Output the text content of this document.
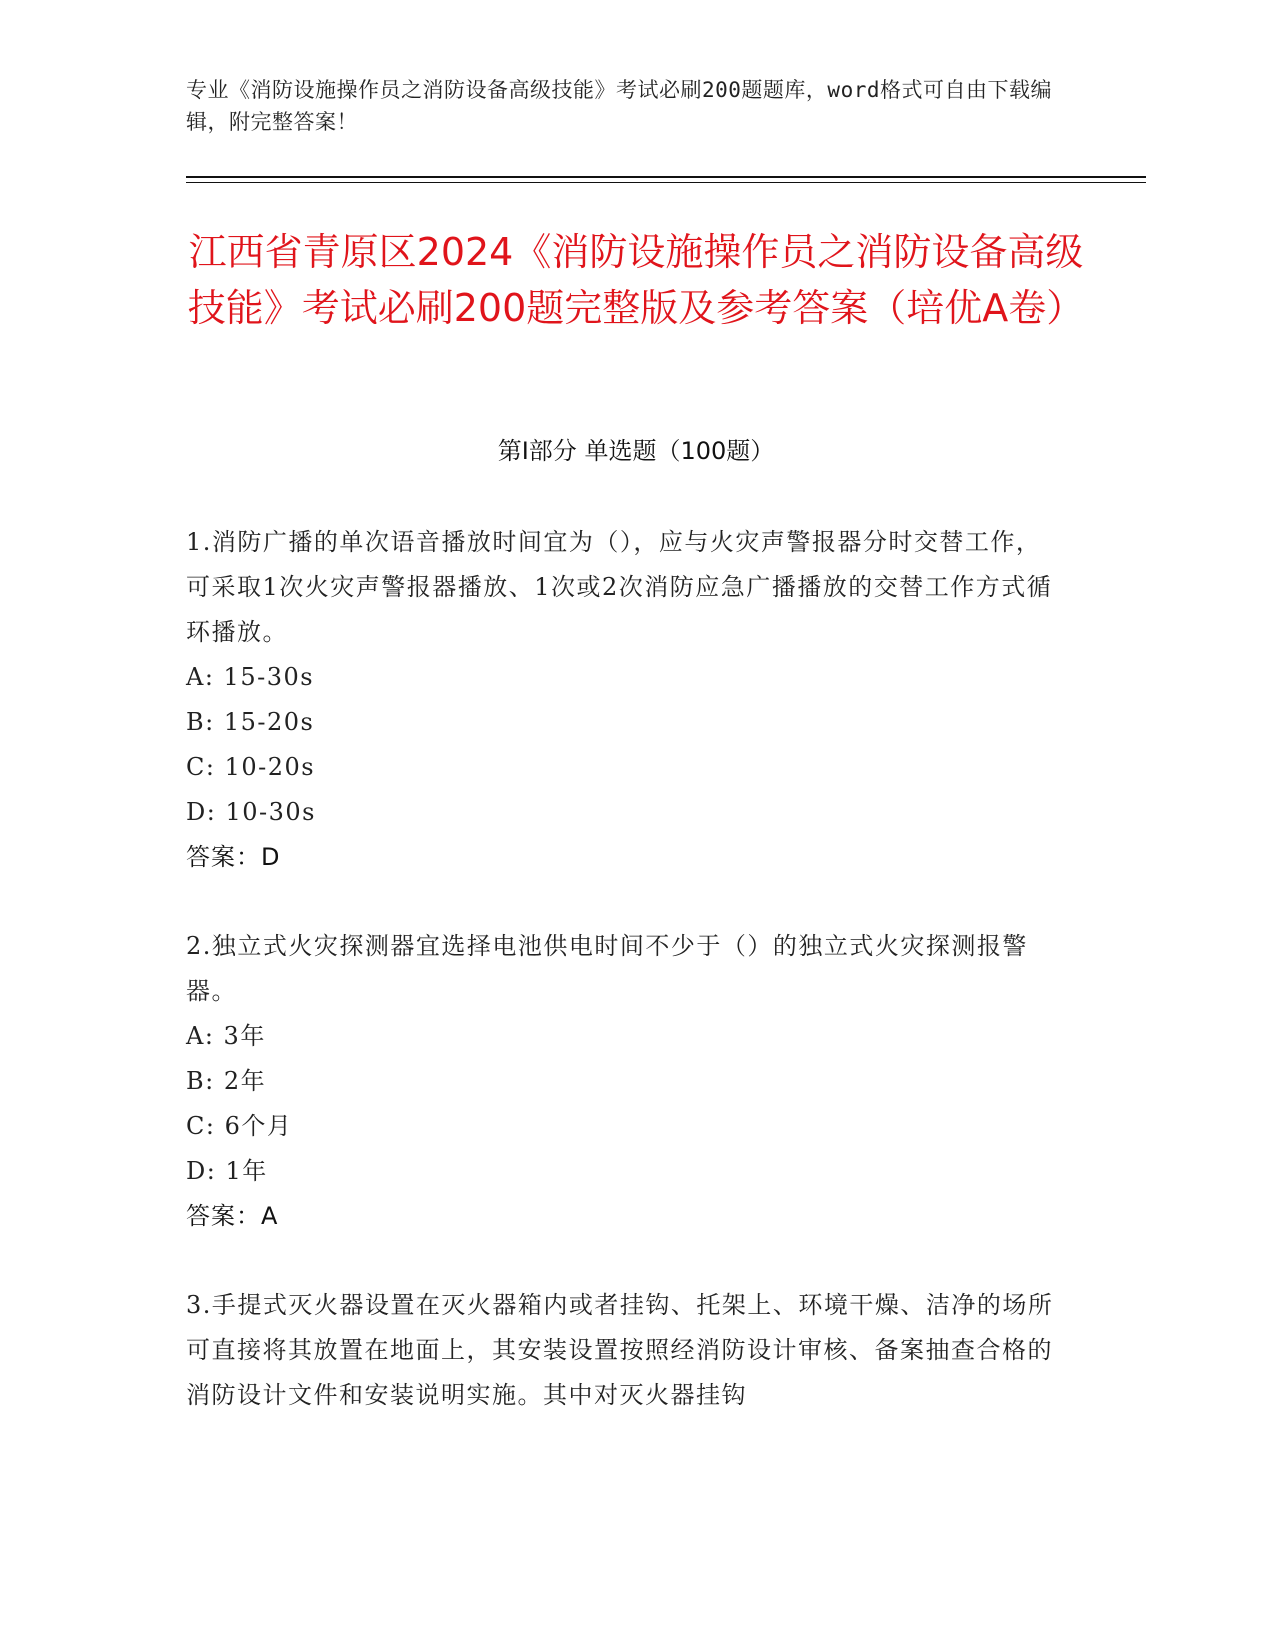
专业《消防设施操作员之消防设备高级技能》考试必刷200题题库，word格式可自由下载编辑，附完整答案！
江西省青原区2024《消防设施操作员之消防设备高级技能》考试必刷200题完整版及参考答案（培优A卷）
第I部分 单选题（100题）
1.消防广播的单次语音播放时间宜为（），应与火灾声警报器分时交替工作，可采取1次火灾声警报器播放、1次或2次消防应急广播播放的交替工作方式循环播放。
A: 15-30s
B: 15-20s
C: 10-20s
D: 10-30s
答案：D
2.独立式火灾探测器宜选择电池供电时间不少于（）的独立式火灾探测报警器。
A: 3年
B: 2年
C: 6个月
D: 1年
答案：A
3.手提式灭火器设置在灭火器箱内或者挂钩、托架上、环境干燥、洁净的场所可直接将其放置在地面上，其安装设置按照经消防设计审核、备案抽查合格的消防设计文件和安装说明实施。其中对灭火器挂钩
